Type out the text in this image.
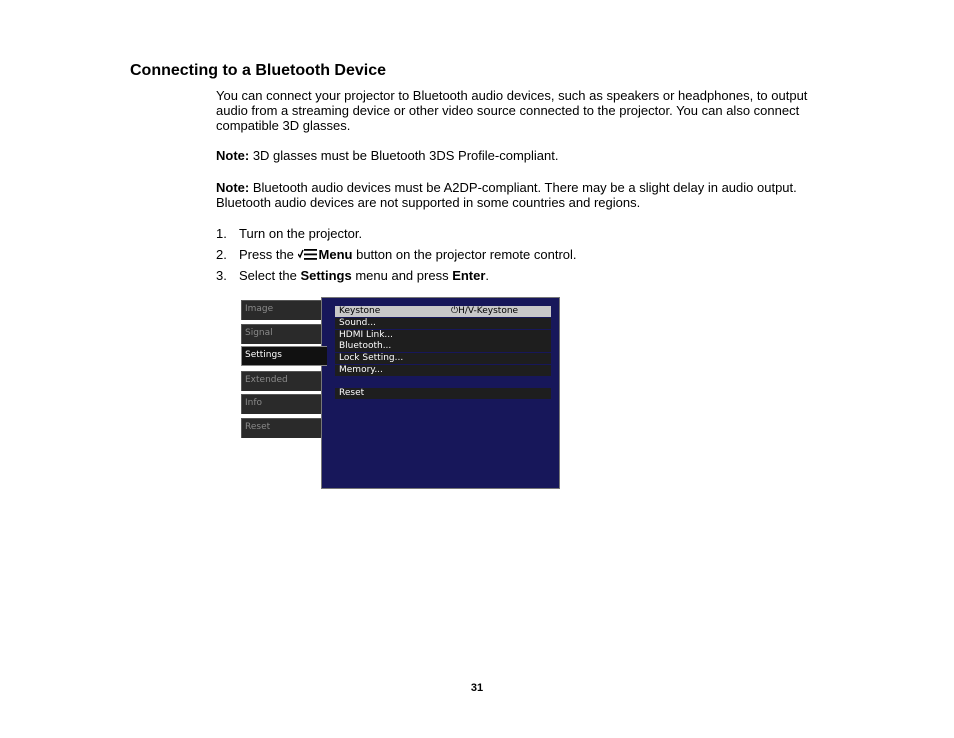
Connecting to a Bluetooth Device

You can connect your projector to Bluetooth audio devices, such as speakers or headphones, to output audio from a streaming device or other video source connected to the projector. You can also connect compatible 3D glasses.

Note: 3D glasses must be Bluetooth 3DS Profile-compliant.

Note: Bluetooth audio devices must be A2DP-compliant. There may be a slight delay in audio output. Bluetooth audio devices are not supported in some countries and regions.

1. Turn on the projector.

2. Press the Menu button on the projector remote control.

3. Select the Settings menu and press Enter.

Image
Signal
Extended
Info
Reset
Keystone	⏻H/V-Keystone
Sound...
HDMI Link...
Bluetooth...
Lock Setting...
Memory...
Reset
Settings
31
